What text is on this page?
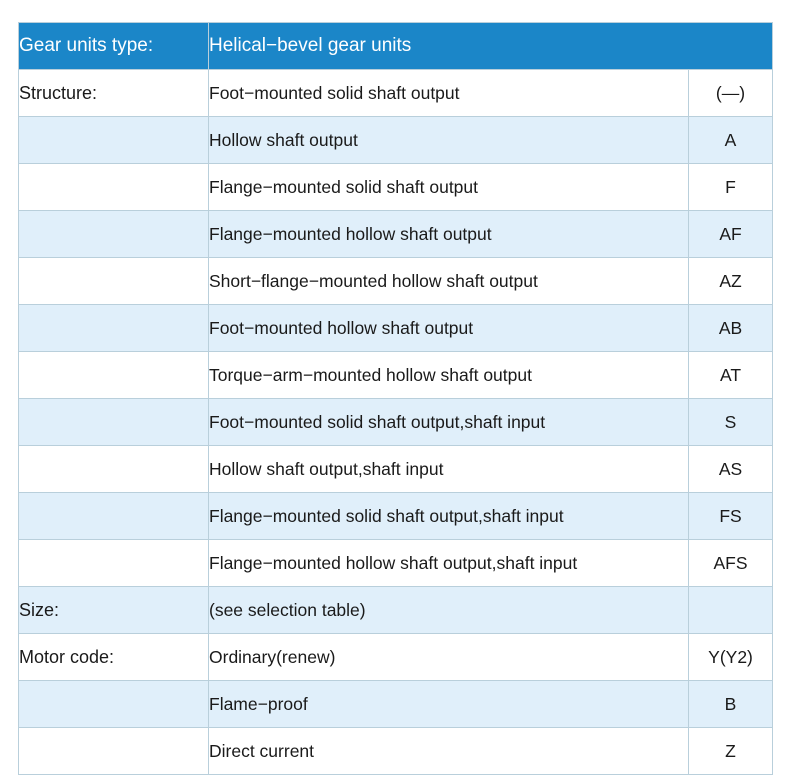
Gear units type:	Helical−bevel gear units	
Structure:	Foot−mounted solid shaft output	(—)
	Hollow shaft output	A
	Flange−mounted solid shaft output	F
	Flange−mounted hollow shaft output	AF
	Short−flange−mounted hollow shaft output	AZ
	Foot−mounted hollow shaft output	AB
	Torque−arm−mounted hollow shaft output	AT
	Foot−mounted solid shaft output,shaft input	S
	Hollow shaft output,shaft input	AS
	Flange−mounted solid shaft output,shaft input	FS
	Flange−mounted hollow shaft output,shaft input	AFS
Size:	(see selection table)	
Motor code:	Ordinary(renew)	Y(Y2)
	Flame−proof	B
	Direct current	Z
